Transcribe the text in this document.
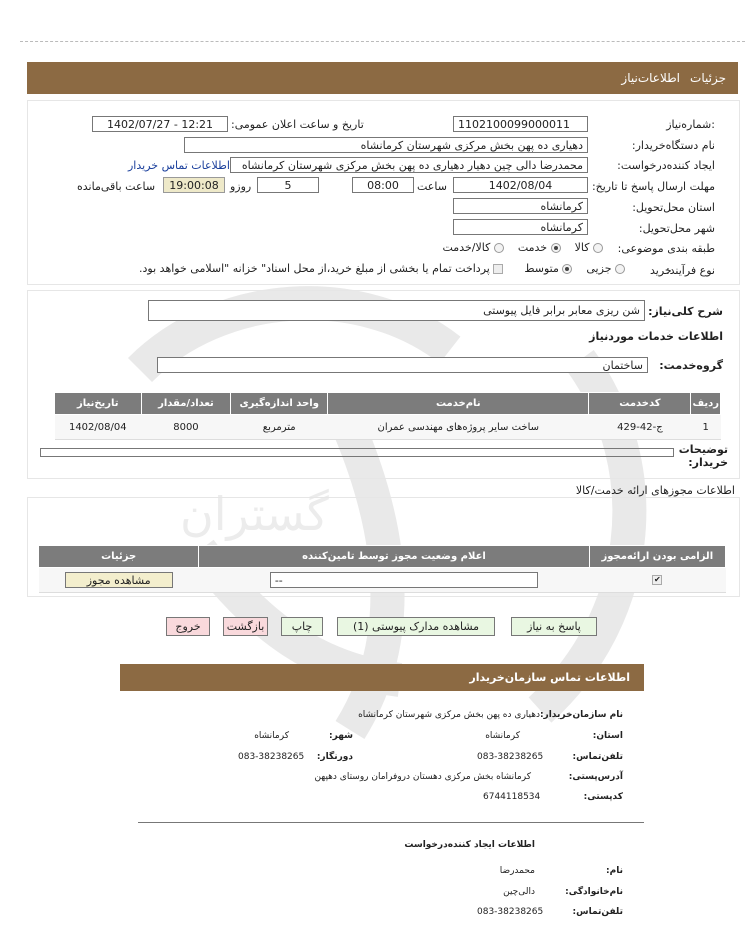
جزئیات
اطلاعات‌نیاز
گستران
شماره‌نیاز:
1102100099000011
تاریخ و ساعت اعلان عمومی:
1402/07/27 - 12:21
نام دستگاه‌خریدار:
دهیاری ده پهن بخش مرکزی شهرستان کرمانشاه
ایجاد کننده‌درخواست:
محمدرضا دالی چین دهیار دهیاری ده پهن بخش مرکزی شهرستان کرمانشاه
اطلاعات تماس خریدار
مهلت ارسال پاسخ تا تاریخ:
1402/08/04
ساعت
08:00
5
روزو
19:00:08
ساعت باقی‌مانده
استان محل‌تحویل:
کرمانشاه
شهر محل‌تحویل:
کرمانشاه
طبقه بندی موضوعی:
کالا     خدمت     کالا/خدمت
نوع فرآیند:
خرید
جزیی     متوسط       پرداخت تمام یا بخشی از مبلغ خرید،از محل اسناد" خزانه "اسلامی خواهد بود.
شرح کلی‌نیاز:
شن ریزی معابر برابر فایل پیوستی
اطلاعات خدمات موردنیاز
گروه‌خدمت:
ساختمان
ردیف	کدخدمت	نام‌خدمت	واحد اندازه‌گیری	تعداد/مقدار	تاریخ‌نیاز
1	ج-42-429	ساخت سایر پروژه‌های مهندسی عمران	مترمربع	8000	1402/08/04
توضیحات خریدار:
اطلاعات مجوزهای ارائه خدمت/کالا
الزامی بودن ارائه‌مجوز	اعلام وضعیت مجوز توسط تامین‌کننده	جزئیات
✔	--	مشاهده مجوز
پاسخ به نیاز
مشاهده مدارک پیوستی (1)
چاپ
بازگشت
خروج
اطلاعات تماس سازمان‌خریدار
نام سازمان‌خریدار:
دهیاری ده پهن بخش مرکزی شهرستان کرمانشاه
استان:
کرمانشاه
شهر:
کرمانشاه
تلفن‌تماس:
083-38238265
دورنگار:
083-38238265
آدرس‌پستی:
کرمانشاه بخش مرکزی دهستان دروفرامان روستای دهپهن
کدپستی:
6744118534
اطلاعات ایجاد کننده‌درخواست
نام:
محمدرضا
نام‌خانوادگی:
دالی‌چین
تلفن‌تماس:
083-38238265
